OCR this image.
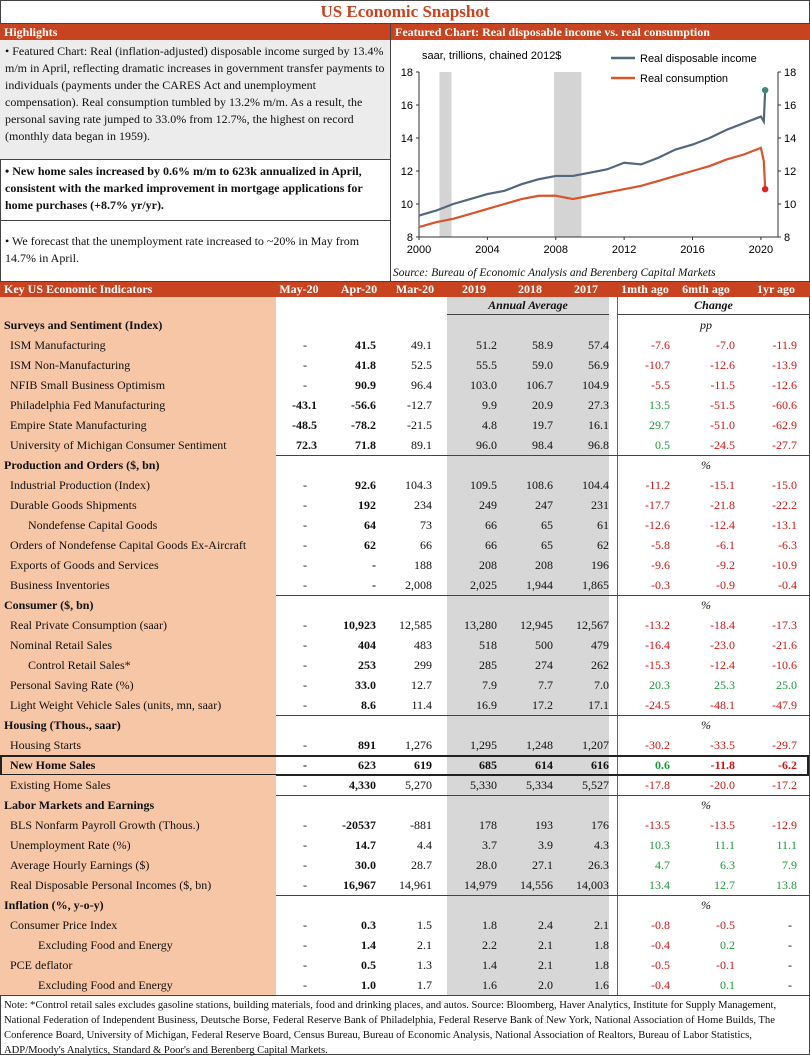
US Economic Snapshot
Highlights
• Featured Chart: Real (inflation-adjusted) disposable income surged by 13.4% m/m in April, reflecting dramatic increases in government transfer payments to individuals (payments under the CARES Act and unemployment compensation). Real consumption tumbled by 13.2% m/m. As a result, the personal saving rate jumped to 33.0% from 12.7%, the highest on record (monthly data began in 1959).
• New home sales increased by 0.6% m/m to 623k annualized in April, consistent with the marked improvement in mortgage applications for home purchases (+8.7% yr/yr).
• We forecast that the unemployment rate increased to ~20% in May from 14.7% in April.
Featured Chart: Real disposable income vs. real consumption
8	8
10	10
12	12
14	14
16	16
18	18
2000	2004	2008	2012	2016	2020
saar, trillions, chained 2012$	Real disposable income
Real consumption
Source: Bureau of Economic Analysis and Berenberg Capital Markets
Key US Economic Indicators	May-20	Apr-20	Mar-20	2019	2018	2017	1mth ago	6mth ago	1yr ago
Annual Average	Change
Surveys and Sentiment (Index)	pp
ISM Manufacturing	-	41.5	49.1	51.2	58.9	57.4	-7.6	-7.0	-11.9
ISM Non-Manufacturing	-	41.8	52.5	55.5	59.0	56.9	-10.7	-12.6	-13.9
NFIB Small Business Optimism	-	90.9	96.4	103.0	106.7	104.9	-5.5	-11.5	-12.6
Philadelphia Fed Manufacturing	-43.1	-56.6	-12.7	9.9	20.9	27.3	13.5	-51.5	-60.6
Empire State Manufacturing	-48.5	-78.2	-21.5	4.8	19.7	16.1	29.7	-51.0	-62.9
University of Michigan Consumer Sentiment	72.3	71.8	89.1	96.0	98.4	96.8	0.5	-24.5	-27.7
Production and Orders ($, bn)	%
Industrial Production (Index)	-	92.6	104.3	109.5	108.6	104.4	-11.2	-15.1	-15.0
Durable Goods Shipments	-	192	234	249	247	231	-17.7	-21.8	-22.2
Nondefense Capital Goods	-	64	73	66	65	61	-12.6	-12.4	-13.1
Orders of Nondefense Capital Goods Ex-Aircraft	-	62	66	66	65	62	-5.8	-6.1	-6.3
Exports of Goods and Services	-	-	188	208	208	196	-9.6	-9.2	-10.9
Business Inventories	-	-	2,008	2,025	1,944	1,865	-0.3	-0.9	-0.4
Consumer ($, bn)	%
Real Private Consumption (saar)	-	10,923	12,585	13,280	12,945	12,567	-13.2	-18.4	-17.3
Nominal Retail Sales	-	404	483	518	500	479	-16.4	-23.0	-21.6
Control Retail Sales*	-	253	299	285	274	262	-15.3	-12.4	-10.6
Personal Saving Rate (%)	-	33.0	12.7	7.9	7.7	7.0	20.3	25.3	25.0
Light Weight Vehicle Sales (units, mn, saar)	-	8.6	11.4	16.9	17.2	17.1	-24.5	-48.1	-47.9
Housing (Thous., saar)	%
Housing Starts	-	891	1,276	1,295	1,248	1,207	-30.2	-33.5	-29.7
New Home Sales	-	623	619	685	614	616	0.6	-11.8	-6.2
Existing Home Sales	-	4,330	5,270	5,330	5,334	5,527	-17.8	-20.0	-17.2
Labor Markets and Earnings	%
BLS Nonfarm Payroll Growth (Thous.)	-	-20537	-881	178	193	176	-13.5	-13.5	-12.9
Unemployment Rate (%)	-	14.7	4.4	3.7	3.9	4.3	10.3	11.1	11.1
Average Hourly Earnings ($)	-	30.0	28.7	28.0	27.1	26.3	4.7	6.3	7.9
Real Disposable Personal Incomes ($, bn)	-	16,967	14,961	14,979	14,556	14,003	13.4	12.7	13.8
Inflation (%, y-o-y)	%
Consumer Price Index	-	0.3	1.5	1.8	2.4	2.1	-0.8	-0.5	-
Excluding Food and Energy	-	1.4	2.1	2.2	2.1	1.8	-0.4	0.2	-
PCE deflator	-	0.5	1.3	1.4	2.1	1.8	-0.5	-0.1	-
Excluding Food and Energy	-	1.0	1.7	1.6	2.0	1.6	-0.4	0.1	-
Note: *Control retail sales excludes gasoline stations, building materials, food and drinking places, and autos. Source: Bloomberg, Haver Analytics, Institute for Supply Management, National Federation of Independent Business, Deutsche Borse, Federal Reserve Bank of Philadelphia, Federal Reserve Bank of New York, National Association of Home Builds, The Conference Board, University of Michigan, Federal Reserve Board, Census Bureau, Bureau of Economic Analysis, National Association of Realtors, Bureau of Labor Statistics, ADP/Moody's Analytics, Standard & Poor's and Berenberg Capital Markets.
